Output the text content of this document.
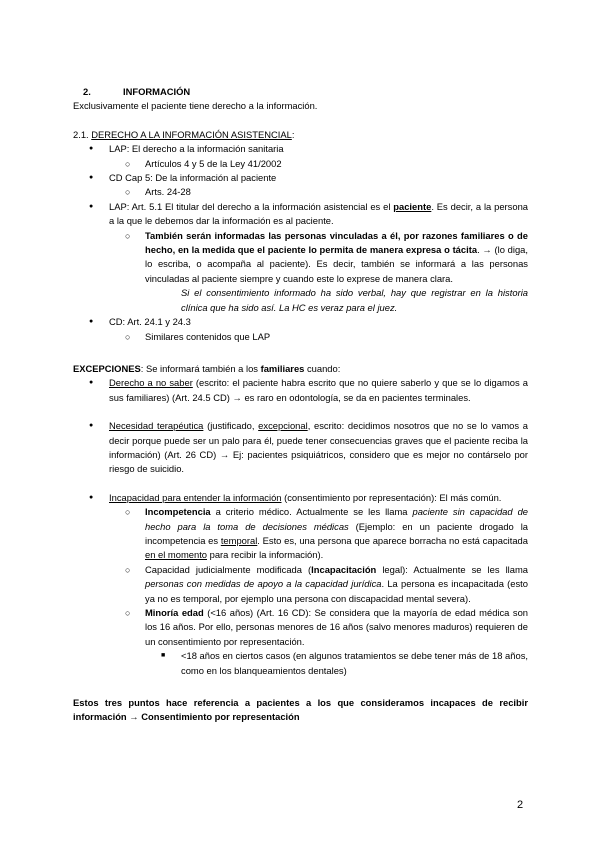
2.	INFORMACIÓN
Exclusivamente el paciente tiene derecho a la información.
2.1. DERECHO A LA INFORMACIÓN ASISTENCIAL:
● LAP: El derecho a la información sanitaria
○ Artículos 4 y 5 de la Ley 41/2002
● CD Cap 5: De la información al paciente
○ Arts. 24-28
● LAP: Art. 5.1 El titular del derecho a la información asistencial es el paciente. Es decir, a la persona a la que le debemos dar la información es al paciente.
○ También serán informadas las personas vinculadas a él, por razones familiares o de hecho, en la medida que el paciente lo permita de manera expresa o tácita. → (lo diga, lo escriba, o acompaña al paciente). Es decir, también se informará a las personas vinculadas al paciente siempre y cuando este lo exprese de manera clara.
Si el consentimiento informado ha sido verbal, hay que registrar en la historia clínica que ha sido así. La HC es veraz para el juez.
● CD: Art. 24.1 y 24.3
○ Similares contenidos que LAP
EXCEPCIONES: Se informará también a los familiares cuando:
● Derecho a no saber (escrito: el paciente habra escrito que no quiere saberlo y que se lo digamos a sus familiares) (Art. 24.5 CD) → es raro en odontología, se da en pacientes terminales.
● Necesidad terapéutica (justificado, excepcional, escrito: decidimos nosotros que no se lo vamos a decir porque puede ser un palo para él, puede tener consecuencias graves que el paciente reciba la información) (Art. 26 CD) → Ej: pacientes psiquiátricos, considero que es mejor no contárselo por riesgo de suicidio.
● Incapacidad para entender la información (consentimiento por representación): El más común.
○ Incompetencia a criterio médico. Actualmente se les llama paciente sin capacidad de hecho para la toma de decisiones médicas (Ejemplo: en un paciente drogado la incompetencia es temporal. Esto es, una persona que aparece borracha no está capacitada en el momento para recibir la información).
○ Capacidad judicialmente modificada (Incapacitación legal): Actualmente se les llama personas con medidas de apoyo a la capacidad jurídica. La persona es incapacitada (esto ya no es temporal, por ejemplo una persona con discapacidad mental severa).
○ Minoría edad (<16 años) (Art. 16 CD): Se considera que la mayoría de edad médica son los 16 años. Por ello, personas menores de 16 años (salvo menores maduros) requieren de un consentimiento por representación.
■ <18 años en ciertos casos (en algunos tratamientos se debe tener más de 18 años, como en los blanqueamientos dentales)
Estos tres puntos hace referencia a pacientes a los que consideramos incapaces de recibir información → Consentimiento por representación
2
